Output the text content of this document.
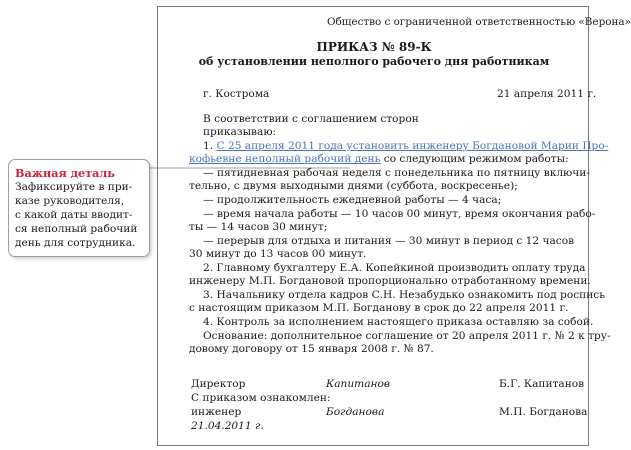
Важная деталь
Зафиксируйте в при-
казе руководителя,
с какой даты вводит-
ся неполный рабочий
день для сотрудника.
Общество с ограниченной ответственностью «Верона»
ПРИКАЗ № 89-К
об установлении неполного рабочего дня работникам
г. Кострома	21 апреля 2011 г.
В соответствии с соглашением сторон
приказываю:
1. С 25 апреля 2011 года установить инженеру Богдановой Марии Про-
кофьевне неполный рабочий день со следующим режимом работы:
— пятидневная рабочая неделя с понедельника по пятницу включи-
тельно, с двумя выходными днями (суббота, воскресенье);
— продолжительность ежедневной работы — 4 часа;
— время начала работы — 10 часов 00 минут, время окончания рабо-
ты — 14 часов 30 минут;
— перерыв для отдыха и питания — 30 минут в период с 12 часов
30 минут до 13 часов 00 минут.
2. Главному бухгалтеру Е.А. Копейкиной производить оплату труда
инженеру М.П. Богдановой пропорционально отработанному времени.
3. Начальнику отдела кадров С.Н. Незабудько ознакомить под роспись
с настоящим приказом М.П. Богданову в срок до 22 апреля 2011 г.
4. Контроль за исполнением настоящего приказа оставляю за собой.
Основание: дополнительное соглашение от 20 апреля 2011 г. № 2 к тру-
довому договору от 15 января 2008 г. № 87.
Директор	Капитанов	Б.Г. Капитанов
С приказом ознакомлен:
инженер	Богданова	М.П. Богданова
21.04.2011 г.
